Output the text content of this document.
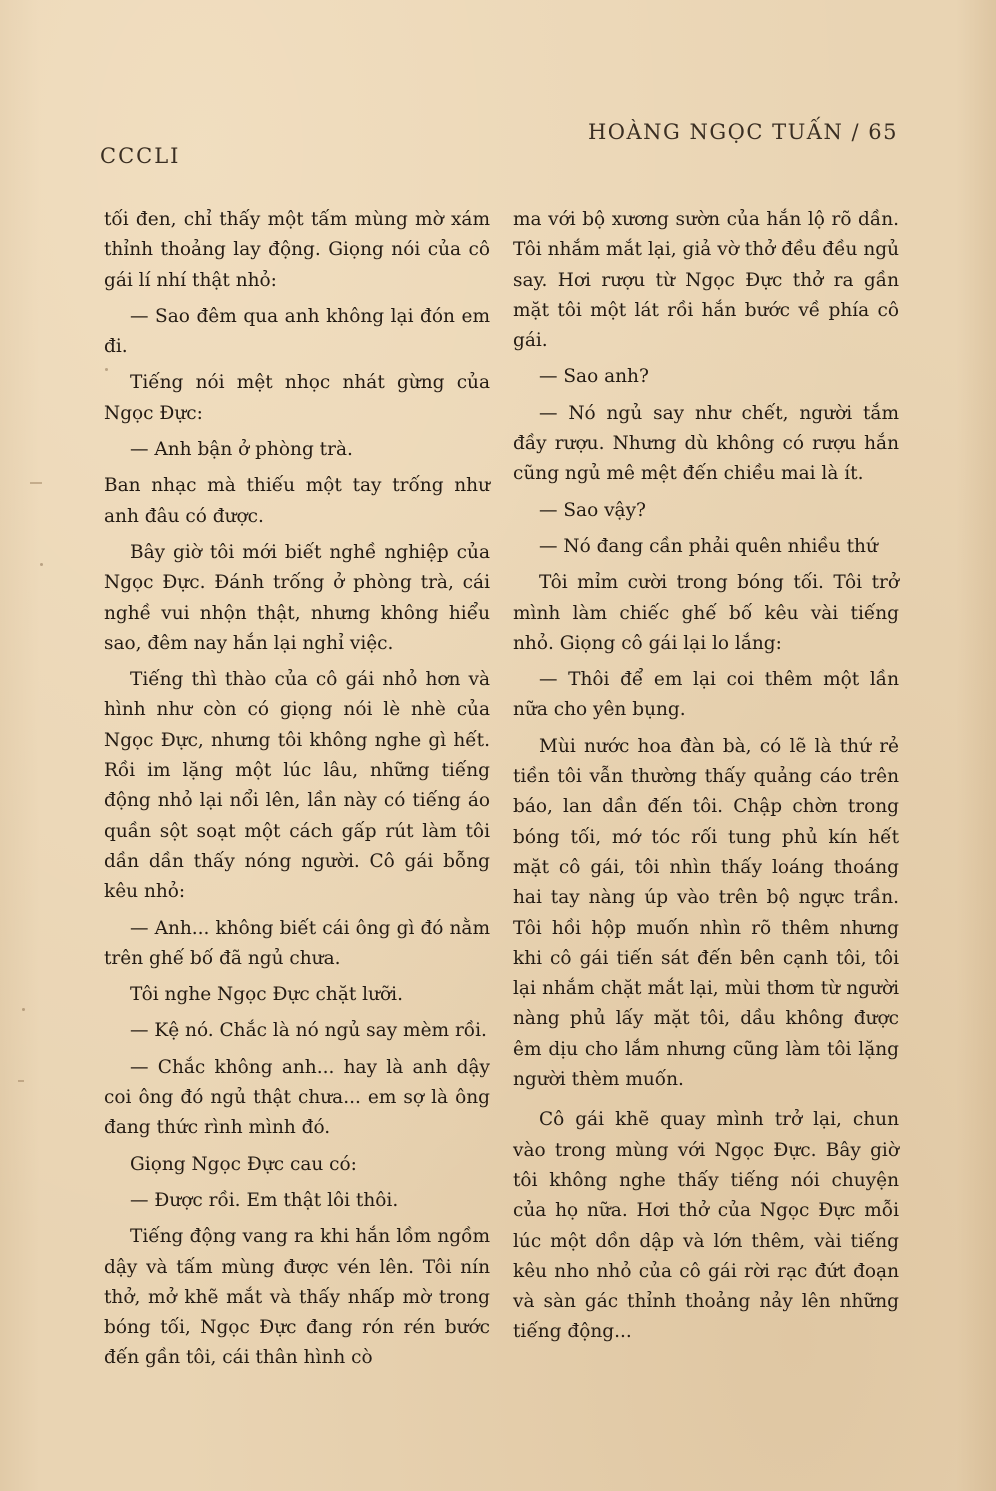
CCCLI
HOÀNG NGỌC TUẤN / 65

tối đen, chỉ thấy một tấm mùng mờ xám thỉnh thoảng lay động. Giọng nói của cô gái lí nhí thật nhỏ:

— Sao đêm qua anh không lại đón em đi.

Tiếng nói mệt nhọc nhát gừng của Ngọc Đực:

— Anh bận ở phòng trà.

Ban nhạc mà thiếu một tay trống như anh đâu có được.

Bây giờ tôi mới biết nghề nghiệp của Ngọc Đực. Đánh trống ở phòng trà, cái nghề vui nhộn thật, nhưng không hiểu sao, đêm nay hắn lại nghỉ việc.

Tiếng thì thào của cô gái nhỏ hơn và hình như còn có giọng nói lè nhè của Ngọc Đực, nhưng tôi không nghe gì hết. Rồi im lặng một lúc lâu, những tiếng động nhỏ lại nổi lên, lần này có tiếng áo quần sột soạt một cách gấp rút làm tôi dần dần thấy nóng người. Cô gái bỗng kêu nhỏ:

— Anh... không biết cái ông gì đó nằm trên ghế bố đã ngủ chưa.

Tôi nghe Ngọc Đực chặt lưỡi.

— Kệ nó. Chắc là nó ngủ say mèm rồi.

— Chắc không anh... hay là anh dậy coi ông đó ngủ thật chưa... em sợ là ông đang thức rình mình đó.

Giọng Ngọc Đực cau có:

— Được rồi. Em thật lôi thôi.

Tiếng động vang ra khi hắn lồm ngồm dậy và tấm mùng được vén lên. Tôi nín thở, mở khẽ mắt và thấy nhấp mờ trong bóng tối, Ngọc Đực đang rón rén bước đến gần tôi, cái thân hình cò

ma với bộ xương sườn của hắn lộ rõ dần. Tôi nhắm mắt lại, giả vờ thở đều đều ngủ say. Hơi rượu từ Ngọc Đực thở ra gần mặt tôi một lát rồi hắn bước về phía cô gái.

— Sao anh?

— Nó ngủ say như chết, người tắm đầy rượu. Nhưng dù không có rượu hắn cũng ngủ mê mệt đến chiều mai là ít.

— Sao vậy?

— Nó đang cần phải quên nhiều thứ

Tôi mỉm cười trong bóng tối. Tôi trở mình làm chiếc ghế bố kêu vài tiếng nhỏ. Giọng cô gái lại lo lắng:

— Thôi để em lại coi thêm một lần nữa cho yên bụng.

Mùi nước hoa đàn bà, có lẽ là thứ rẻ tiền tôi vẫn thường thấy quảng cáo trên báo, lan dần đến tôi. Chập chờn trong bóng tối, mớ tóc rối tung phủ kín hết mặt cô gái, tôi nhìn thấy loáng thoáng hai tay nàng úp vào trên bộ ngực trần. Tôi hồi hộp muốn nhìn rõ thêm nhưng khi cô gái tiến sát đến bên cạnh tôi, tôi lại nhắm chặt mắt lại, mùi thơm từ người nàng phủ lấy mặt tôi, dầu không được êm dịu cho lắm nhưng cũng làm tôi lặng người thèm muốn.

Cô gái khẽ quay mình trở lại, chun vào trong mùng với Ngọc Đực. Bây giờ tôi không nghe thấy tiếng nói chuyện của họ nữa. Hơi thở của Ngọc Đực mỗi lúc một dồn dập và lớn thêm, vài tiếng kêu nho nhỏ của cô gái rời rạc đứt đoạn và sàn gác thỉnh thoảng nảy lên những tiếng động...
